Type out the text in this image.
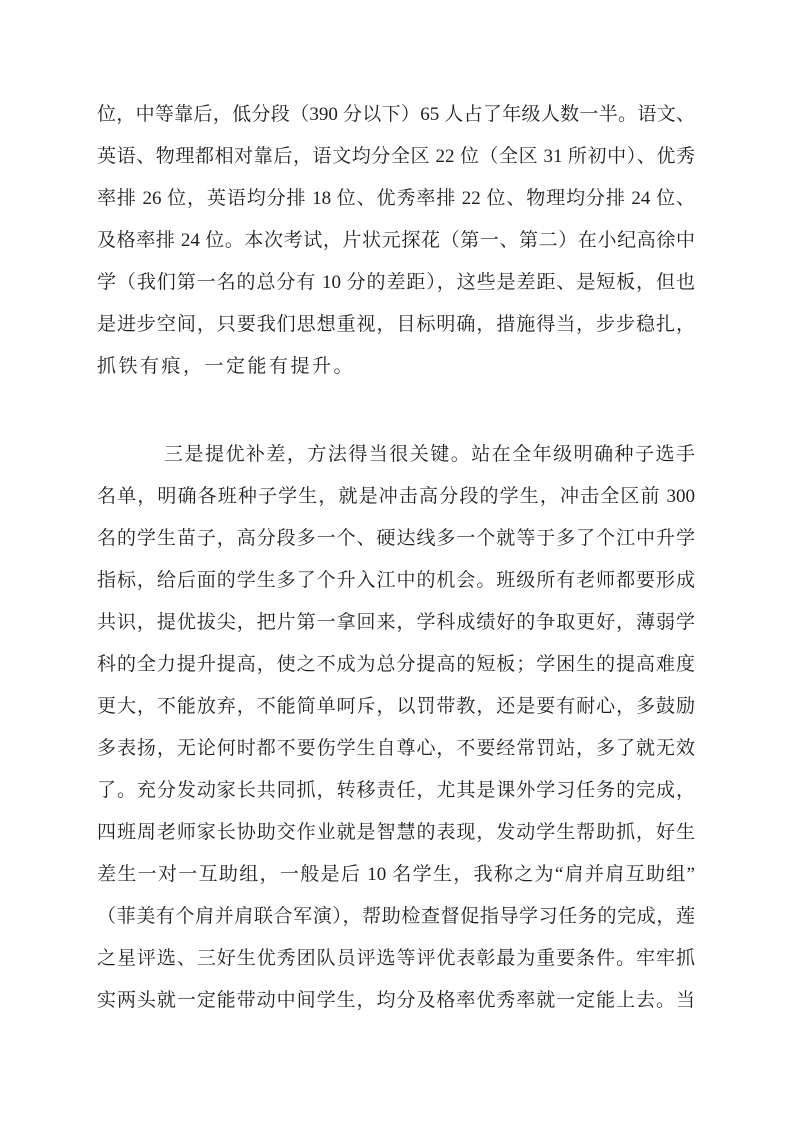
位，中等靠后，低分段（390 分以下）65 人占了年级人数一半。语文、
英语、物理都相对靠后，语文均分全区 22 位（全区 31 所初中）、优秀
率排 26 位，英语均分排 18 位、优秀率排 22 位、物理均分排 24 位、
及格率排 24 位。本次考试，片状元探花（第一、第二）在小纪高徐中
学（我们第一名的总分有 10 分的差距），这些是差距、是短板，但也
是进步空间，只要我们思想重视，目标明确，措施得当，步步稳扎，
抓铁有痕，一定能有提升。
三是提优补差，方法得当很关键。站在全年级明确种子选手
名单，明确各班种子学生，就是冲击高分段的学生，冲击全区前 300
名的学生苗子，高分段多一个、硬达线多一个就等于多了个江中升学
指标，给后面的学生多了个升入江中的机会。班级所有老师都要形成
共识，提优拔尖，把片第一拿回来，学科成绩好的争取更好，薄弱学
科的全力提升提高，使之不成为总分提高的短板；学困生的提高难度
更大，不能放弃，不能简单呵斥，以罚带教，还是要有耐心，多鼓励
多表扬，无论何时都不要伤学生自尊心，不要经常罚站，多了就无效
了。充分发动家长共同抓，转移责任，尤其是课外学习任务的完成，
四班周老师家长协助交作业就是智慧的表现，发动学生帮助抓，好生
差生一对一互助组，一般是后 10 名学生，我称之为“肩并肩互助组”
（菲美有个肩并肩联合军演），帮助检查督促指导学习任务的完成，莲
之星评选、三好生优秀团队员评选等评优表彰最为重要条件。牢牢抓
实两头就一定能带动中间学生，均分及格率优秀率就一定能上去。当
